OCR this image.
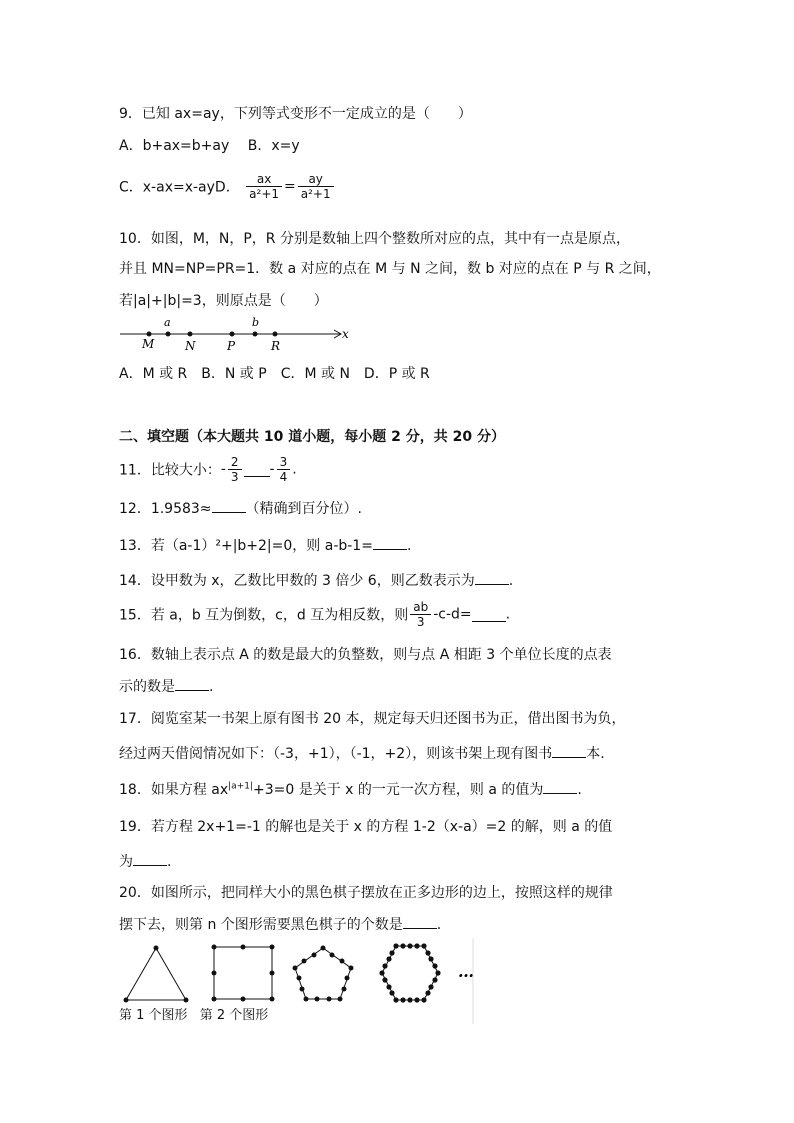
9．已知 ax=ay，下列等式变形不一定成立的是（　　）
A．b+ax=b+ay B．x=y
C．x-ax=x-ayD． $\frac{ax}{\text{a²+1}} = \frac{ay}{\text{a²+1}}$
10．如图，M，N，P，R 分别是数轴上四个整数所对应的点，其中有一点是原点，
并且 MN=NP=PR=1．数 a 对应的点在 M 与 N 之间，数 b 对应的点在 P 与 R 之间，
若|a|+|b|=3，则原点是（　　）
x
a	b
M	N	P	R
A．M 或 R　B．N 或 P　C．M 或 N　D．P 或 R
二、填空题（本大题共 10 道小题，每小题 2 分，共 20 分）
11．比较大小：- $\frac{2}{3} - \frac{3}{4}$ .
12．1.9583≈ （精确到百分位）.
13．若（a-1）²+|b+2|=0，则 a-b-1= .
14．设甲数为 x，乙数比甲数的 3 倍少 6，则乙数表示为 .
15．若 a，b 互为倒数，c，d 互为相反数，则 $\frac{ab}{3} -c-d=$ .
16．数轴上表示点 A 的数是最大的负整数，则与点 A 相距 3 个单位长度的点表
示的数是 .
17．阅览室某一书架上原有图书 20 本，规定每天归还图书为正，借出图书为负，
经过两天借阅情况如下：（-3，+1），（-1，+2），则该书架上现有图书 本.
18．如果方程 $ax^{|a+1|}+3=0$ 是关于 x 的一元一次方程，则 a 的值为 .
19．若方程 2x+1=-1 的解也是关于 x 的方程 1-2（x-a）=2 的解，则 a 的值
为 .
20．如图所示，把同样大小的黑色棋子摆放在正多边形的边上，按照这样的规律
摆下去，则第 n 个图形需要黑色棋子的个数是 .
…
第 1 个图形 第 2 个图形
